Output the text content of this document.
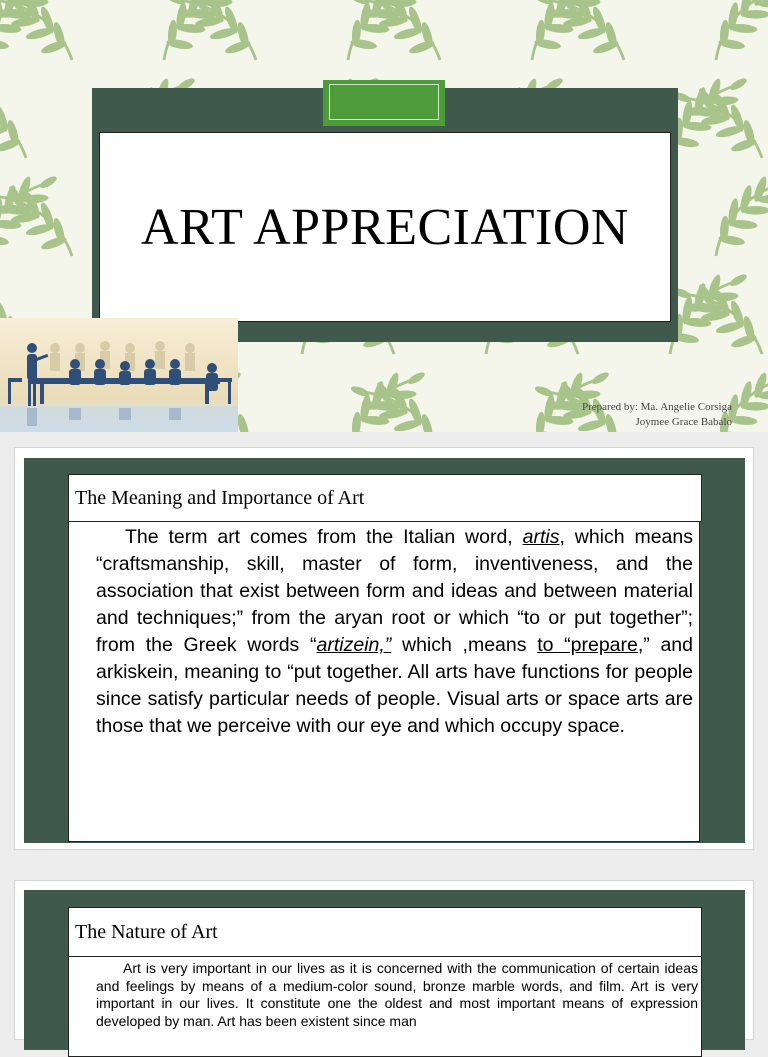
ART APPRECIATION
Prepared by: Ma. Angelie Corsiga

Joymee Grace Babalo
The Meaning and Importance of Art

The term art comes from the Italian word, artis, which means “craftsmanship, skill, master of form, inventiveness, and the association that exist between form and ideas and between material and techniques;” from the aryan root or which “to or put together”; from the Greek words “artizein,” which ,means to “prepare,” and arkiskein, meaning to “put together. All arts have functions for people since satisfy particular needs of people. Visual arts or space arts are those that we perceive with our eye and which occupy space.

The Nature of Art

Art is very important in our lives as it is concerned with the communication of certain ideas and feelings by means of a medium-color sound, bronze marble words, and film. Art is very important in our lives. It constitute one the oldest and most important means of expression developed by man. Art has been existent since man
